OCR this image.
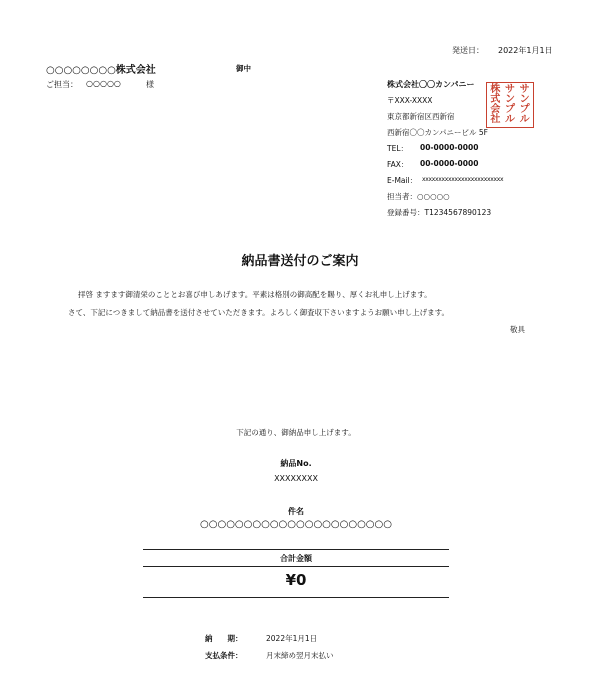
発送日： 2022年1月1日
○○○○○○○○株式会社	御中
ご担当： ○○○○○	様	株式会社〇〇カンパニー
〒XXX-XXXX
東京都新宿区西新宿
西新宿〇〇カンパニービル 5F
TEL： 00-0000-0000
FAX： 00-0000-0000
E-Mail： xxxxxxxxxxxxxxxxxxxxxxxxx
担当者：○○○○○
登録番号：T1234567890123
サ
ン
プ
ル
サ
ン
プ
ル
株
式
会
社
納品書送付のご案内
拝啓 ますます御清栄のこととお喜び申しあげます。平素は格別の御高配を賜り、厚くお礼申し上げます。
さて、下記につきまして納品書を送付させていただきます。よろしく御査収下さいますようお願い申し上げます。
敬具
下記の通り、御納品申し上げます。
納品No.
XXXXXXXX
件名
○○○○○○○○○○○○○○○○○○○○○○
合計金額
¥0
納　　期：	2022年1月1日
支払条件：	月末締め翌月末払い
